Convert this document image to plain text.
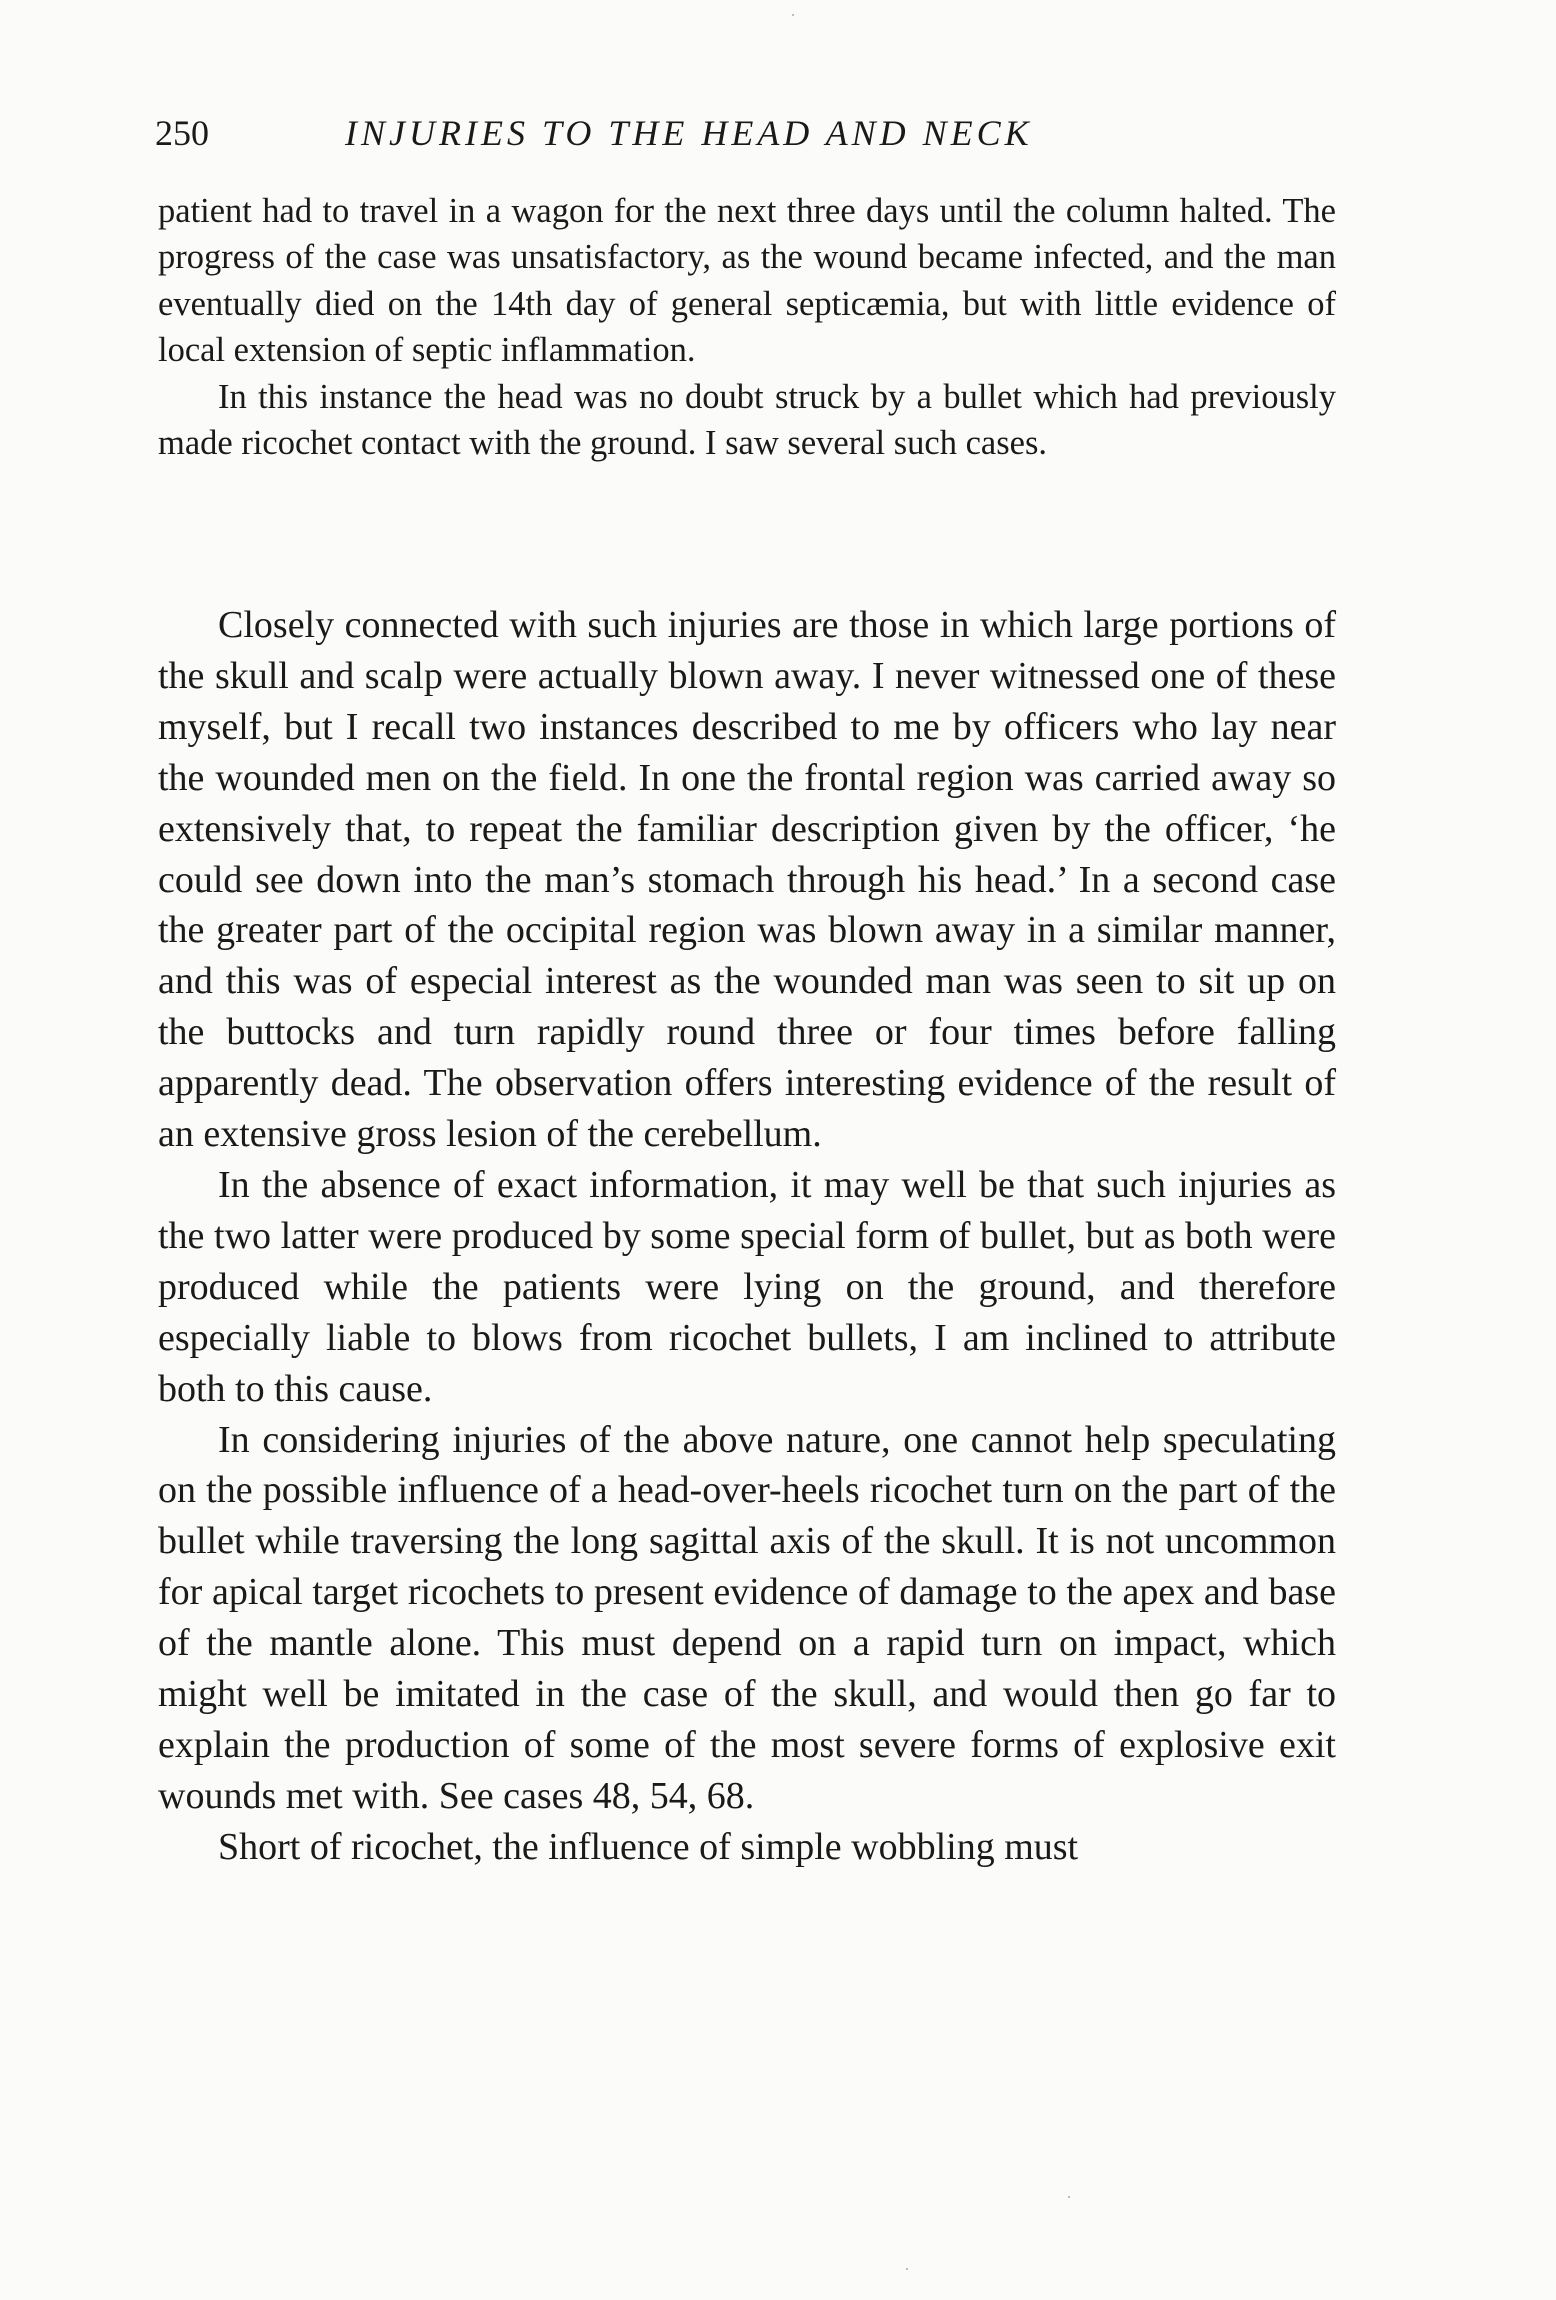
250	INJURIES TO THE HEAD AND NECK

patient had to travel in a wagon for the next three days until the column halted. The progress of the case was unsatisfactory, as the wound became infected, and the man eventually died on the 14th day of general septicæmia, but with little evidence of local extension of septic inflammation.

In this instance the head was no doubt struck by a bullet which had previously made ricochet contact with the ground. I saw several such cases.

Closely connected with such injuries are those in which large portions of the skull and scalp were actually blown away. I never witnessed one of these myself, but I recall two instances described to me by officers who lay near the wounded men on the field. In one the frontal region was carried away so extensively that, to repeat the familiar description given by the officer, ‘he could see down into the man’s stomach through his head.’ In a second case the greater part of the occipital region was blown away in a similar manner, and this was of especial interest as the wounded man was seen to sit up on the buttocks and turn rapidly round three or four times before falling apparently dead. The observation offers interesting evidence of the result of an extensive gross lesion of the cerebellum.

In the absence of exact information, it may well be that such injuries as the two latter were produced by some special form of bullet, but as both were produced while the patients were lying on the ground, and therefore especially liable to blows from ricochet bullets, I am inclined to attribute both to this cause.

In considering injuries of the above nature, one cannot help speculating on the possible influence of a head-over-heels ricochet turn on the part of the bullet while traversing the long sagittal axis of the skull. It is not uncommon for apical target ricochets to present evidence of damage to the apex and base of the mantle alone. This must depend on a rapid turn on impact, which might well be imitated in the case of the skull, and would then go far to explain the production of some of the most severe forms of explosive exit wounds met with. See cases 48, 54, 68.

Short of ricochet, the influence of simple wobbling must
